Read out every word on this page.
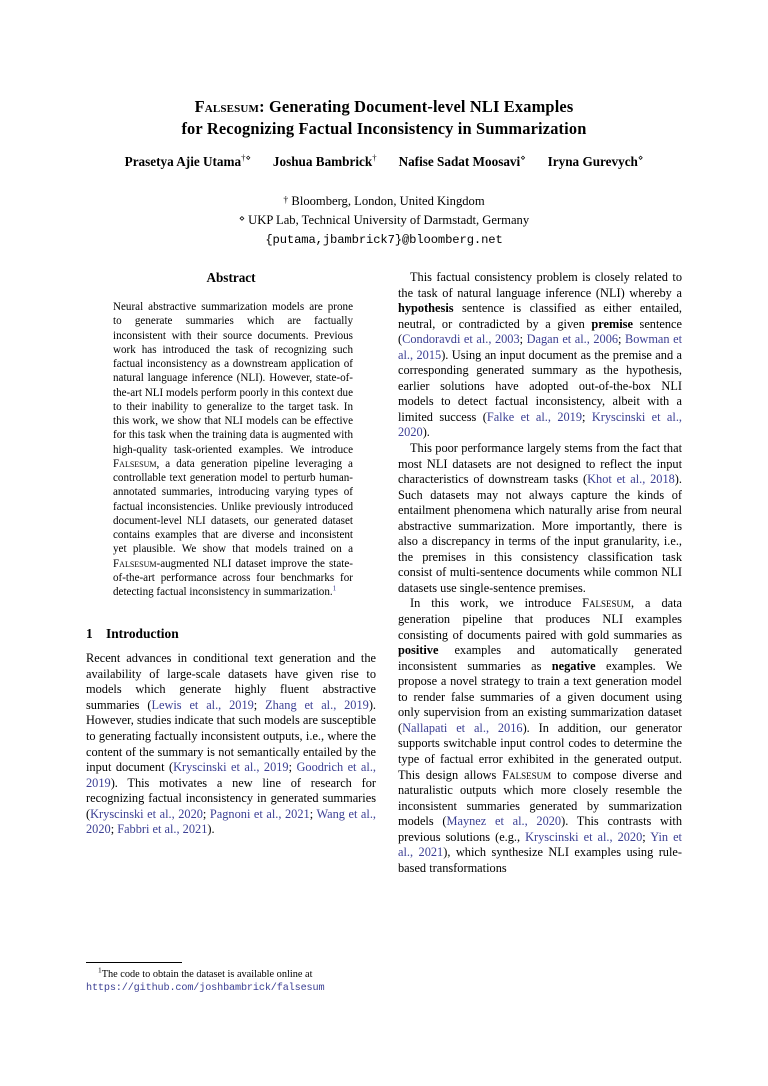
Falsesum: Generating Document-level NLI Examples
for Recognizing Factual Inconsistency in Summarization
Prasetya Ajie Utama†⋄ Joshua Bambrick† Nafise Sadat Moosavi⋄ Iryna Gurevych⋄
† Bloomberg, London, United Kingdom
⋄ UKP Lab, Technical University of Darmstadt, Germany
{putama,jbambrick7}@bloomberg.net
Abstract

Neural abstractive summarization models are prone to generate summaries which are factually inconsistent with their source documents. Previous work has introduced the task of recognizing such factual inconsistency as a downstream application of natural language inference (NLI). However, state-of-the-art NLI models perform poorly in this context due to their inability to generalize to the target task. In this work, we show that NLI models can be effective for this task when the training data is augmented with high-quality task-oriented examples. We introduce Falsesum, a data generation pipeline leveraging a controllable text generation model to perturb human-annotated summaries, introducing varying types of factual inconsistencies. Unlike previously introduced document-level NLI datasets, our generated dataset contains examples that are diverse and inconsistent yet plausible. We show that models trained on a Falsesum-augmented NLI dataset improve the state-of-the-art performance across four benchmarks for detecting factual inconsistency in summarization.$^1$

1 Introduction

Recent advances in conditional text generation and the availability of large-scale datasets have given rise to models which generate highly fluent abstractive summaries (Lewis et al., 2019; Zhang et al., 2019). However, studies indicate that such models are susceptible to generating factually inconsistent outputs, i.e., where the content of the summary is not semantically entailed by the input document (Kryscinski et al., 2019; Goodrich et al., 2019). This motivates a new line of research for recognizing factual inconsistency in generated summaries (Kryscinski et al., 2020; Pagnoni et al., 2021; Wang et al., 2020; Fabbri et al., 2021).

$^1$The code to obtain the dataset is available online at
https://github.com/joshbambrick/falsesum

This factual consistency problem is closely related to the task of natural language inference (NLI) whereby a hypothesis sentence is classified as either entailed, neutral, or contradicted by a given premise sentence (Condoravdi et al., 2003; Dagan et al., 2006; Bowman et al., 2015). Using an input document as the premise and a corresponding generated summary as the hypothesis, earlier solutions have adopted out-of-the-box NLI models to detect factual inconsistency, albeit with a limited success (Falke et al., 2019; Kryscinski et al., 2020).

This poor performance largely stems from the fact that most NLI datasets are not designed to reflect the input characteristics of downstream tasks (Khot et al., 2018). Such datasets may not always capture the kinds of entailment phenomena which naturally arise from neural abstractive summarization. More importantly, there is also a discrepancy in terms of the input granularity, i.e., the premises in this consistency classification task consist of multi-sentence documents while common NLI datasets use single-sentence premises.

In this work, we introduce Falsesum, a data generation pipeline that produces NLI examples consisting of documents paired with gold summaries as positive examples and automatically generated inconsistent summaries as negative examples. We propose a novel strategy to train a text generation model to render false summaries of a given document using only supervision from an existing summarization dataset (Nallapati et al., 2016). In addition, our generator supports switchable input control codes to determine the type of factual error exhibited in the generated output. This design allows Falsesum to compose diverse and naturalistic outputs which more closely resemble the inconsistent summaries generated by summarization models (Maynez et al., 2020). This contrasts with previous solutions (e.g., Kryscinski et al., 2020; Yin et al., 2021), which synthesize NLI examples using rule-based transformations
